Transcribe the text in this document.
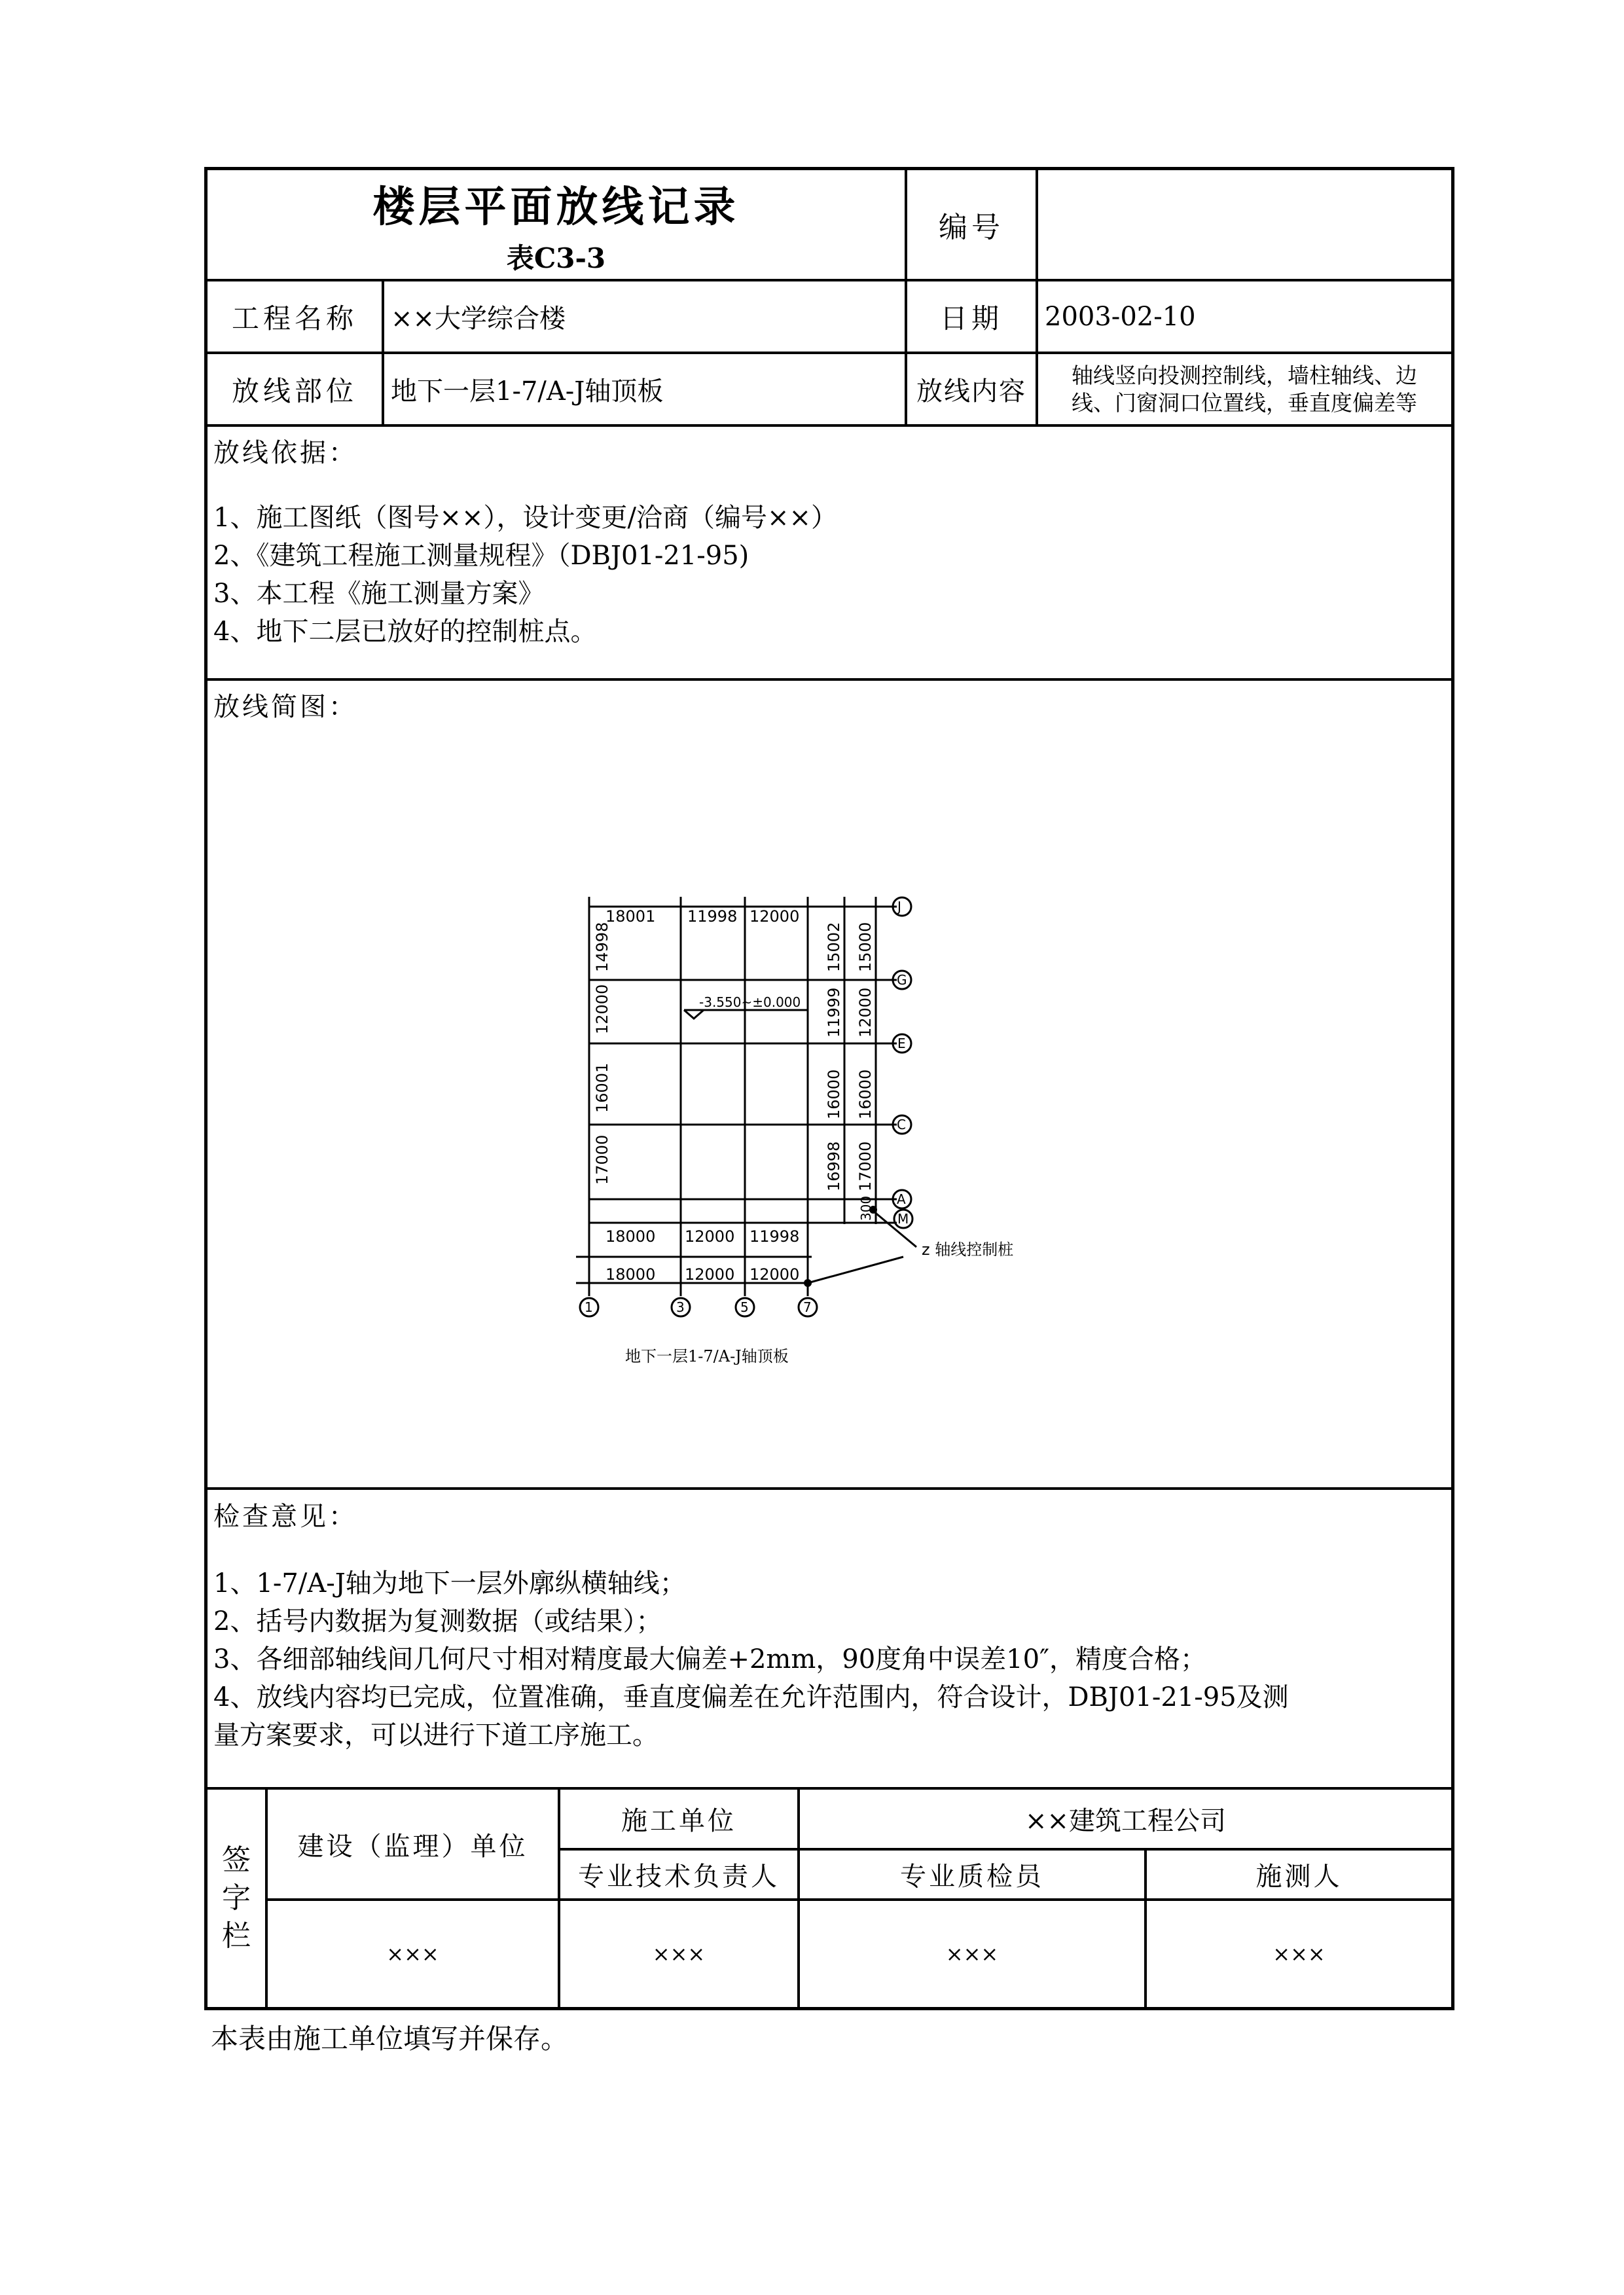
楼层平面放线记录
表C3-3
编号
工程名称	××大学综合楼	日期	2003-02-10
放线部位	地下一层1-7/A-J轴顶板	放线内容
轴线竖向投测控制线，墙柱轴线、边
线、门窗洞口位置线，垂直度偏差等
放线依据：
1、施工图纸（图号××），设计变更/洽商（编号××）
2、《建筑工程施工测量规程》（DBJ01-21-95)
3、本工程《施工测量方案》
4、地下二层已放好的控制桩点。
放线简图：
18001 11998 12000
14998
12000
16001
17000
15002
11999
16000
16998
15000
12000
16000
17000
300
-3.550~±0.000
18000 12000 11998
18000 12000 12000
J
G
E
C
A
M
1	3	5	7
z 轴线控制桩
地下一层1-7/A-J轴顶板
检查意见：
1、1-7/A-J轴为地下一层外廓纵横轴线；
2、括号内数据为复测数据（或结果）；
3、各细部轴线间几何尺寸相对精度最大偏差+2mm，90度角中误差10″，精度合格；
4、放线内容均已完成，位置准确，垂直度偏差在允许范围内，符合设计，DBJ01-21-95及测
量方案要求，可以进行下道工序施工。
签
字
栏
建设（监理）单位
施工单位	××建筑工程公司
专业技术负责人	专业质检员	施测人
×××	×××	×××	×××
本表由施工单位填写并保存。
